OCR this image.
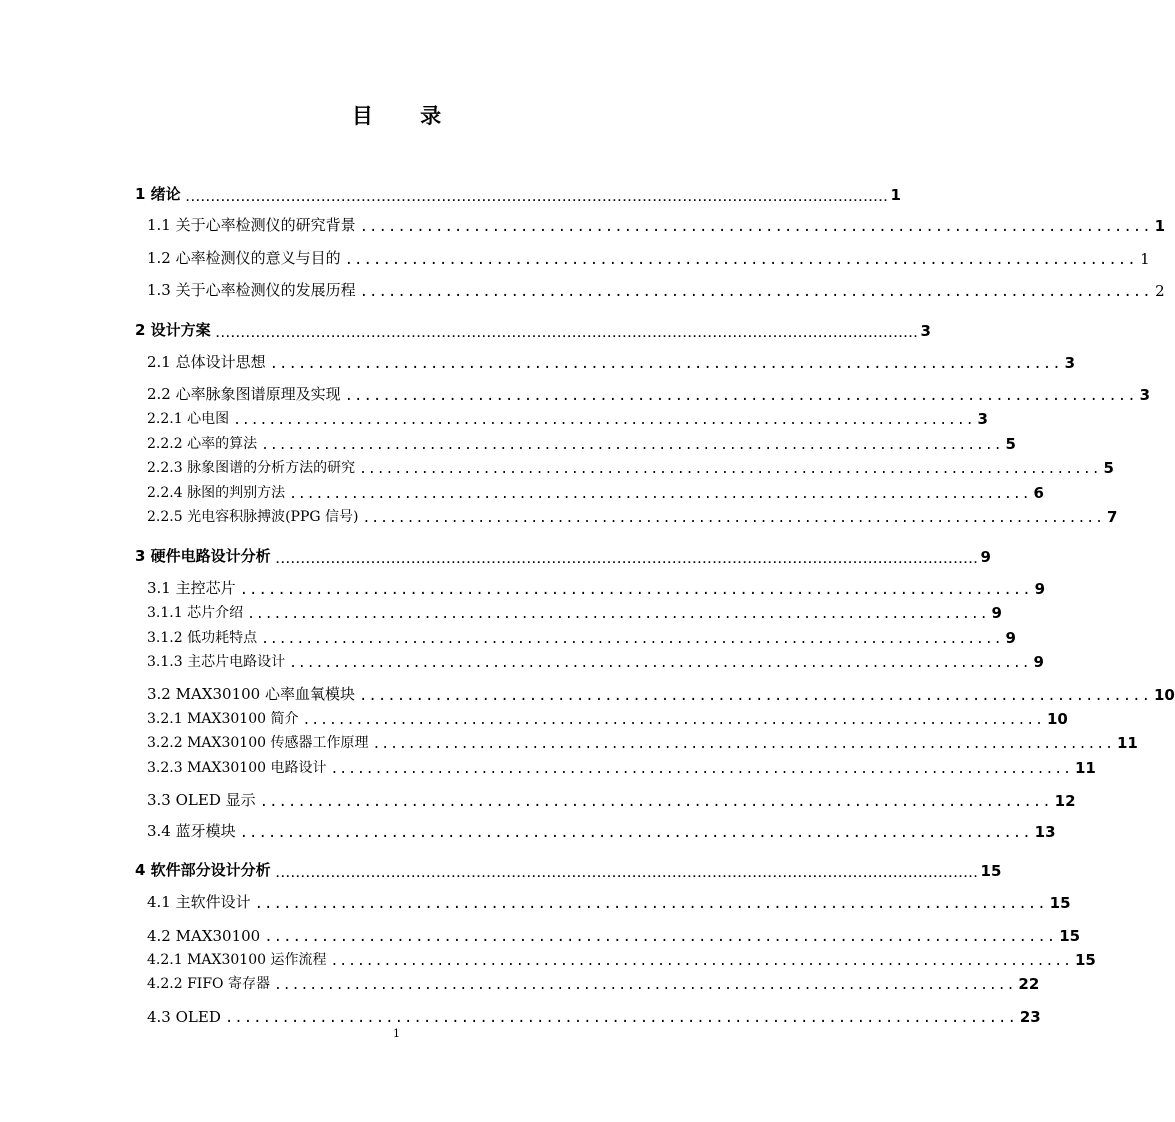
目 录
1 绪论 ............................................................................................................................................ 1
1.1 关于心率检测仪的研究背景 .................................................................................... 1
1.2 心率检测仪的意义与目的 .................................................................................... 1
1.3 关于心率检测仪的发展历程 .................................................................................... 2
2 设计方案 ............................................................................................................................................ 3
2.1 总体设计思想 .................................................................................... 3
2.2 心率脉象图谱原理及实现 .................................................................................... 3
2.2.1 心电图 .................................................................................... 3
2.2.2 心率的算法 .................................................................................... 5
2.2.3 脉象图谱的分析方法的研究 .................................................................................... 5
2.2.4 脉图的判别方法 .................................................................................... 6
2.2.5 光电容积脉搏波(PPG 信号) .................................................................................... 7
3 硬件电路设计分析 ............................................................................................................................................ 9
3.1 主控芯片 .................................................................................... 9
3.1.1 芯片介绍 .................................................................................... 9
3.1.2 低功耗特点 .................................................................................... 9
3.1.3 主芯片电路设计 .................................................................................... 9
3.2 MAX30100 心率血氧模块 .................................................................................... 10
3.2.1 MAX30100 简介 .................................................................................... 10
3.2.2 MAX30100 传感器工作原理 .................................................................................... 11
3.2.3 MAX30100 电路设计 .................................................................................... 11
3.3 OLED 显示 .................................................................................... 12
3.4 蓝牙模块 .................................................................................... 13
4 软件部分设计分析 ............................................................................................................................................ 15
4.1 主软件设计 .................................................................................... 15
4.2 MAX30100 .................................................................................... 15
4.2.1 MAX30100 运作流程 .................................................................................... 15
4.2.2 FIFO 寄存器 .................................................................................... 22
4.3 OLED .................................................................................... 23
1
